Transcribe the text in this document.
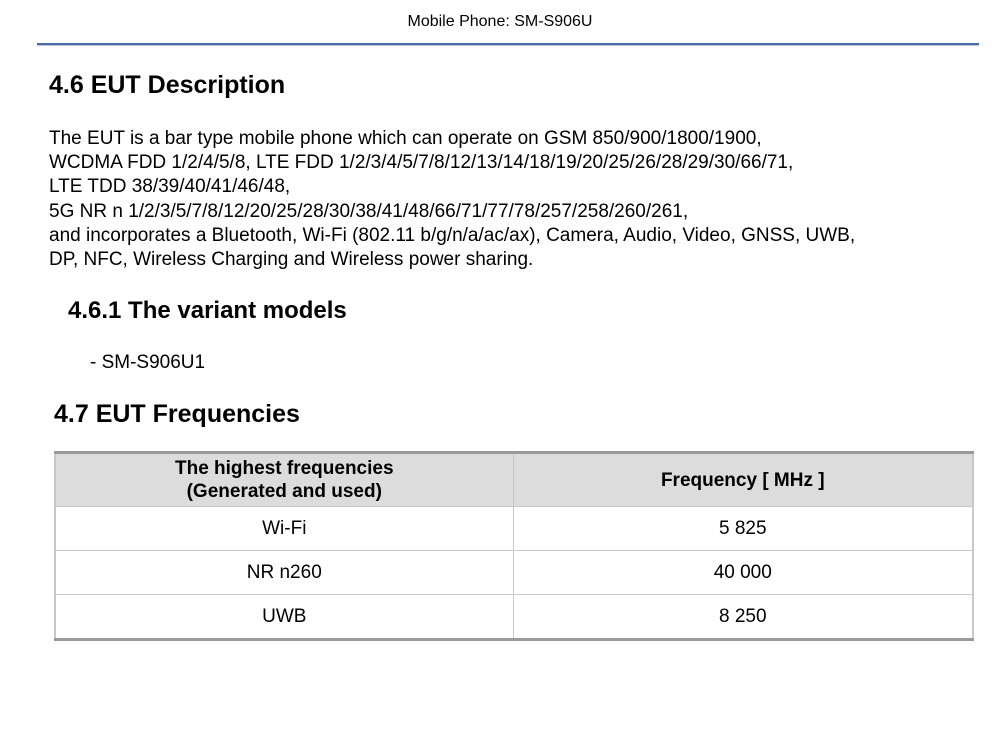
Mobile Phone: SM-S906U
4.6 EUT Description

The EUT is a bar type mobile phone which can operate on GSM 850/900/1800/1900,
WCDMA FDD 1/2/4/5/8, LTE FDD 1/2/3/4/5/7/8/12/13/14/18/19/20/25/26/28/29/30/66/71,
LTE TDD 38/39/40/41/46/48,
5G NR n 1/2/3/5/7/8/12/20/25/28/30/38/41/48/66/71/77/78/257/258/260/261,
and incorporates a Bluetooth, Wi-Fi (802.11 b/g/n/a/ac/ax), Camera, Audio, Video, GNSS, UWB,
DP, NFC, Wireless Charging and Wireless power sharing.

4.6.1 The variant models

- SM-S906U1

4.7 EUT Frequencies
The highest frequencies
(Generated and used)	Frequency [ MHz ]
Wi-Fi	5 825
NR n260	40 000
UWB	8 250
